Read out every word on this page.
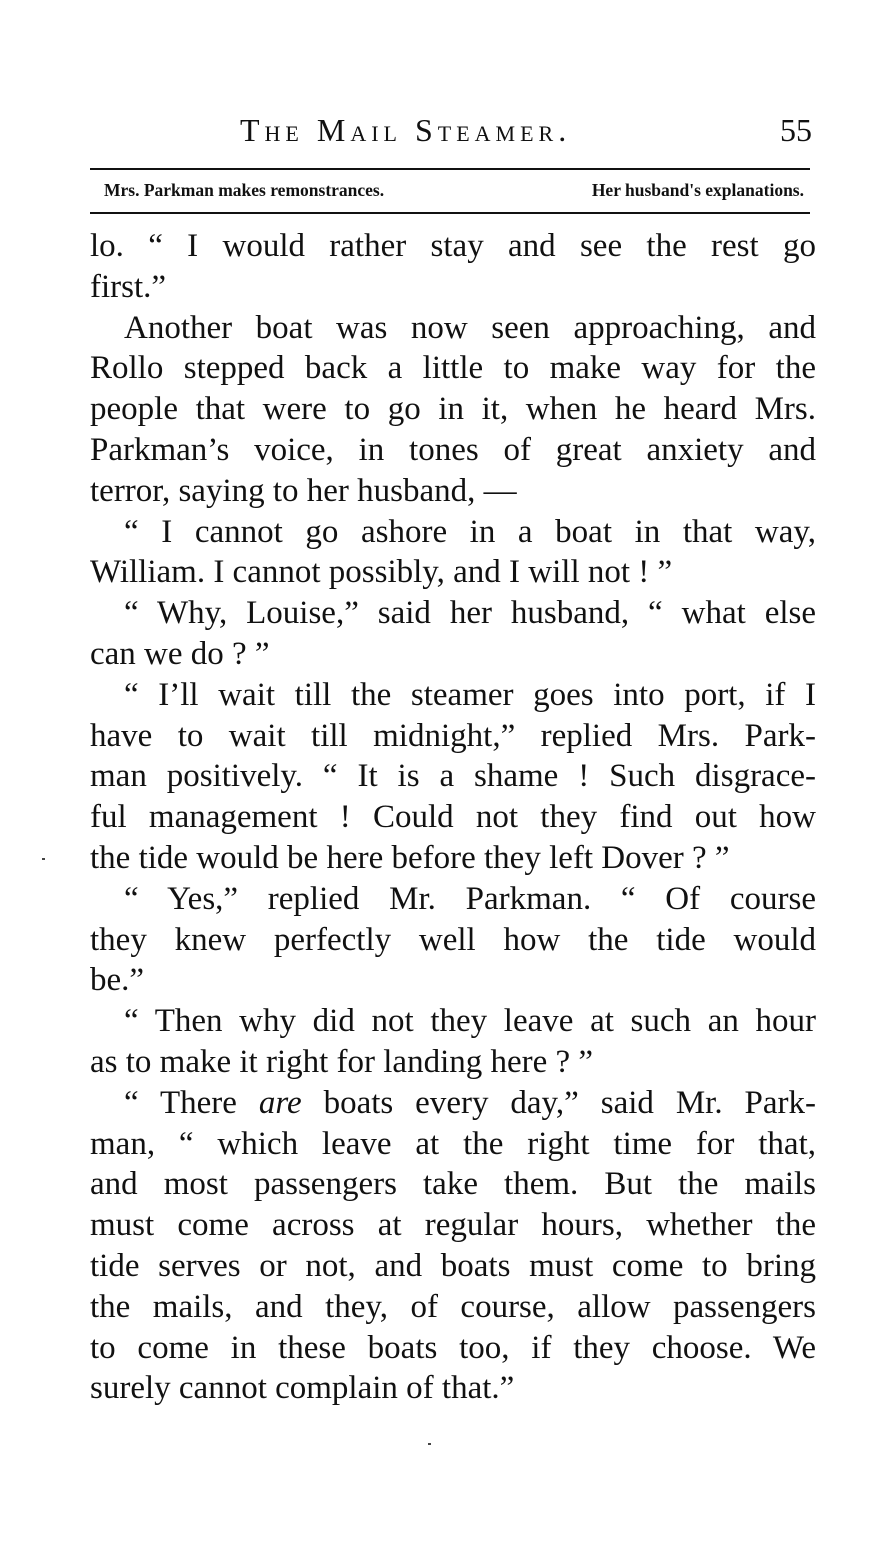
The Mail Steamer.	55
Mrs. Parkman makes remonstrances.	Her husband's explanations.
lo. “ I would rather stay and see the rest go
first.”
Another boat was now seen approaching, and
Rollo stepped back a little to make way for the
people that were to go in it, when he heard Mrs.
Parkman’s voice, in tones of great anxiety and
terror, saying to her husband, —
“ I cannot go ashore in a boat in that way,
William. I cannot possibly, and I will not ! ”
“ Why, Louise,” said her husband, “ what else
can we do ? ”
“ I’ll wait till the steamer goes into port, if I
have to wait till midnight,” replied Mrs. Park-
man positively. “ It is a shame ! Such disgrace-
ful management ! Could not they find out how
the tide would be here before they left Dover ? ”
“ Yes,” replied Mr. Parkman. “ Of course
they knew perfectly well how the tide would
be.”
“ Then why did not they leave at such an hour
as to make it right for landing here ? ”
“ There are boats every day,” said Mr. Park-
man, “ which leave at the right time for that,
and most passengers take them. But the mails
must come across at regular hours, whether the
tide serves or not, and boats must come to bring
the mails, and they, of course, allow passengers
to come in these boats too, if they choose. We
surely cannot complain of that.”
